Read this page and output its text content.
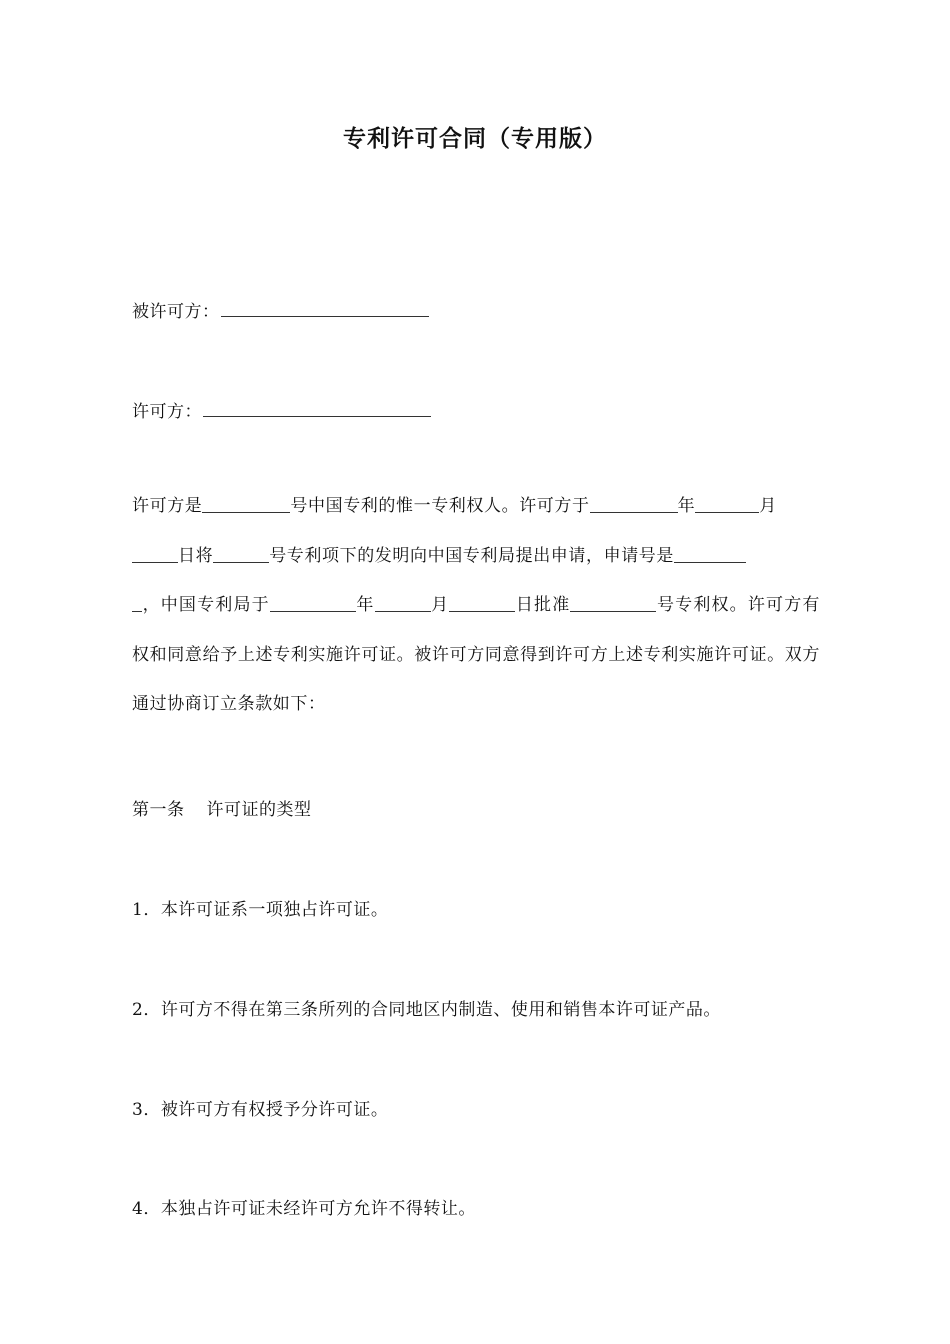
专利许可合同（专用版）
被许可方：
许可方：
许可方是	号中国专利的惟一专利权人。许可方于	年	月
日将	号专利项下的发明向中国专利局提出申请，申请号是
，中国专利局于	年	月	日批准	号专利权。许可方有权和同意给予上述专利实施许可证。被许可方同意得到许可方上述专利实施许可证。双方通过协商订立条款如下：
第一条 许可证的类型
1．本许可证系一项独占许可证。
2．许可方不得在第三条所列的合同地区内制造、使用和销售本许可证产品。
3．被许可方有权授予分许可证。
4．本独占许可证未经许可方允许不得转让。
